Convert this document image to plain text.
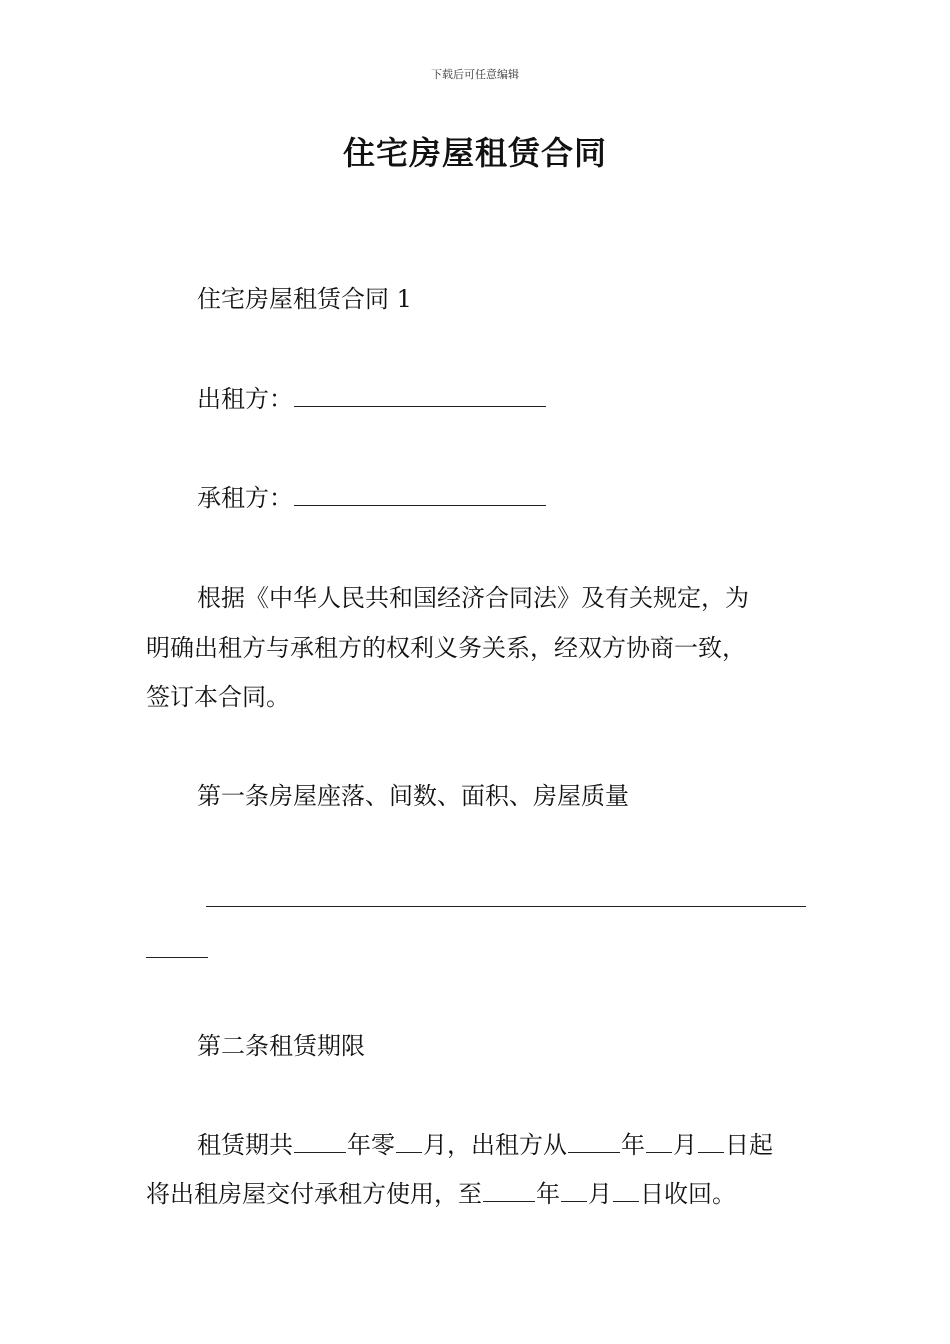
下载后可任意编辑
住宅房屋租赁合同
住宅房屋租赁合同 1
出租方：
承租方：
根据《中华人民共和国经济合同法》及有关规定，为
明确出租方与承租方的权利义务关系，经双方协商一致，
签订本合同。
第一条房屋座落、间数、面积、房屋质量
第二条租赁期限
租赁期共 年零 月，出租方从 年 月 日起
将出租房屋交付承租方使用，至 年 月 日收回。
